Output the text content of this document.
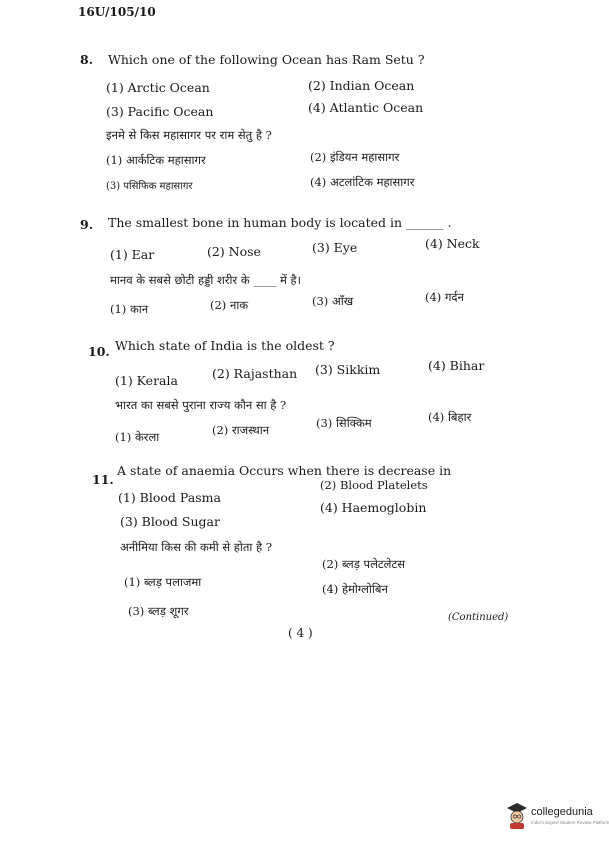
16U/105/10
8. Which one of the following Ocean has Ram Setu ?
(1) Arctic Ocean	(2) Indian Ocean
(3) Pacific Ocean	(4) Atlantic Ocean
इनमे से किस महासागर पर राम सेतु है ?
(1) आर्कटिक महासागर	(2) इंडियन महासागर
(3) पसिफिक महासागर	(4) अटलांटिक महासागर
9. The smallest bone in human body is located in ______ .
(1) Ear	(2) Nose	(3) Eye	(4) Neck
मानव के सबसे छोटी हड्डी शरीर के ____ में है।
(1) कान	(2) नाक	(3) आँख	(4) गर्दन
10. Which state of India is the oldest ?
(1) Kerala	(2) Rajasthan (3) Sikkim	(4) Bihar
भारत का सबसे पुराना राज्य कौन सा है ?
(1) केरला	(2) राजस्थान	(3) सिक्किम	(4) बिहार
11.
A state of anaemia Occurs when there is decrease in
(1) Blood Pasma
(2) Blood Platelets
(3) Blood Sugar
(4) Haemoglobin
अनीमिया किस की कमी से होता है ?
(1) ब्लड़ पलाजमा
(2) ब्लड़ पलेटलेटस
(3) ब्लड़ शूगर
(4) हेमोग्लोबिन
( 4 )
(Continued)
collegedunia
India's largest Student Review Platform
